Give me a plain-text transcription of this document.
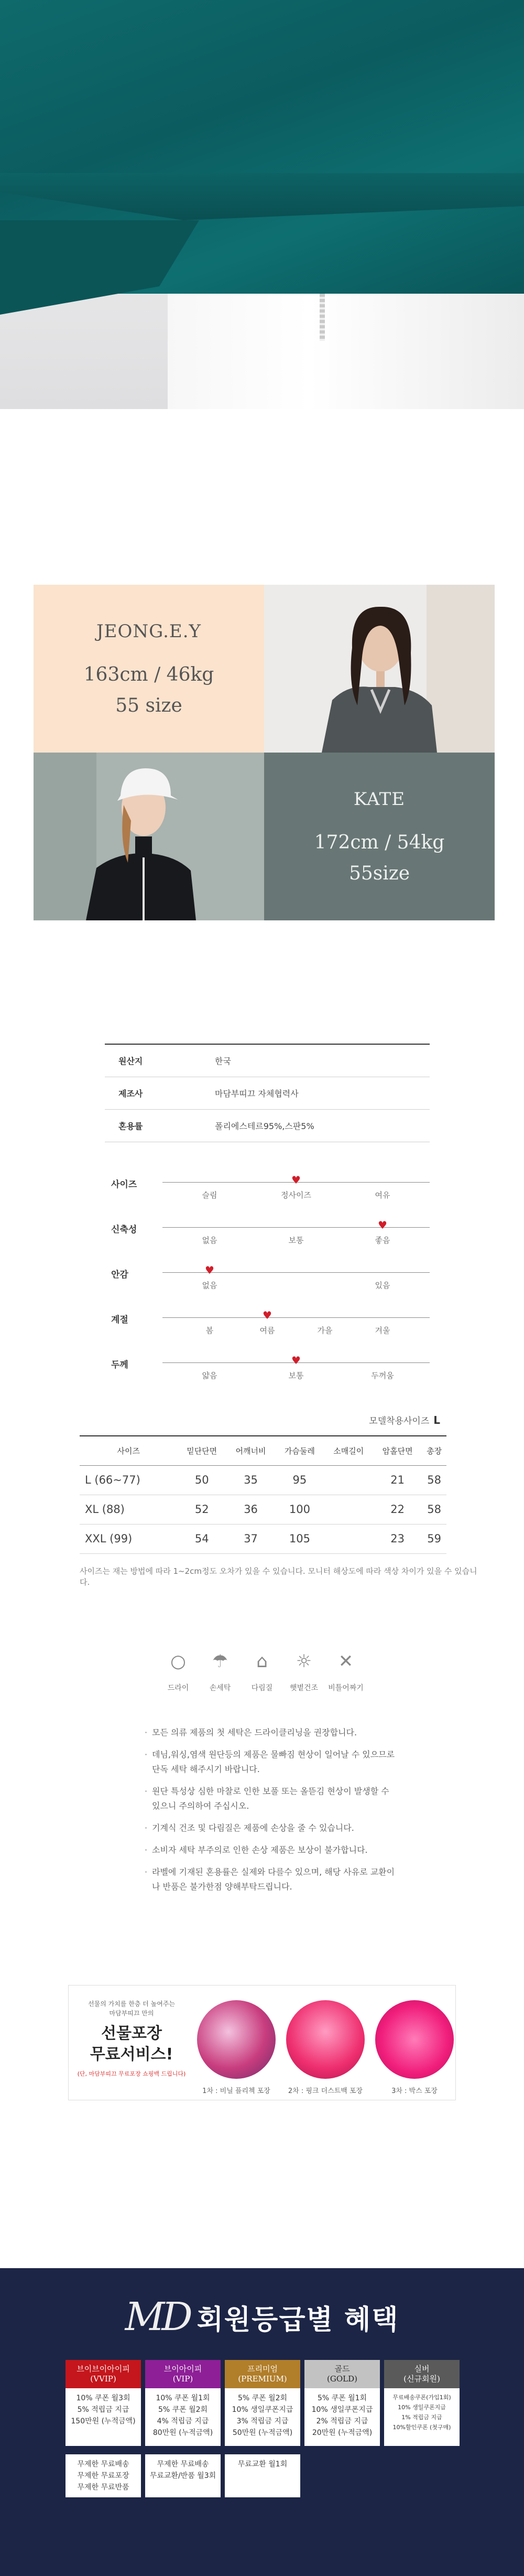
JEONG.E.Y
163cm / 46kg
55 size
KATE
172cm / 54kg
55size
원산지	한국
제조사	마담부띠끄 자체협력사
혼용률	폴리에스테르95%,스판5%
사이즈
슬림	정사이즈
♥
여유
신축성
없음	보통	좋음
♥
안감
없음
♥
있음
계절
봄	여름
♥
가을	겨울
두께
얇음	보통
♥
두꺼움
모델착용사이즈 L
사이즈	밑단단면	어깨너비	가슴둘레	소매길이	암홀단면	총장
L (66~77)	50	35	95		21	58
XL (88)	52	36	100		22	58
XXL (99)	54	37	105		23	59
사이즈는 재는 방법에 따라 1~2cm정도 오차가 있을 수 있습니다. 모니터 해상도에 따라 색상 차이가 있을 수 있습니다.
○
드라이
☂
손세탁
⌂
다림질
☼
햇볕건조
✕
비틀어짜기
· 모든 의류 제품의 첫 세탁은 드라이클리닝을 권장합니다.
· 데님,워싱,염색 원단등의 제품은 물빠짐 현상이 일어날 수 있으므로 단독 세탁 해주시기 바랍니다.
· 원단 특성상 심한 마찰로 인한 보풀 또는 올뜯김 현상이 발생할 수 있으니 주의하여 주십시오.
· 기계식 건조 및 다림질은 제품에 손상을 줄 수 있습니다.
· 소비자 세탁 부주의로 인한 손상 제품은 보상이 불가합니다.
· 라벨에 기재된 혼용률은 실제와 다를수 있으며, 해당 사유로 교환이나 반품은 불가한점 양해부탁드립니다.
선물의 가치를 한층 더 높여주는
마담부띠끄 만의
선물포장
무료서비스!
(단, 마담부띠끄 무료포장 쇼핑백 드립니다)
1차 : 비닐 플리첵 포장	2차 : 핑크 더스트백 포장	3차 : 박스 포장
MD 회원등급별 혜택
브이브이아이피
(VVIP)
10% 쿠폰 월3회
5% 적립금 지급
150만원 (누적금액)
브이아이피
(VIP)
10% 쿠폰 월1회
5% 쿠폰 월2회
4% 적립금 지급
80만원 (누적금액)
프리미엄
(PREMIUM)
5% 쿠폰 월2회
10% 생일쿠폰지급
3% 적립금 지급
50만원 (누적금액)
골드
(GOLD)
5% 쿠폰 월1회
10% 생일쿠폰지급
2% 적립금 지급
20만원 (누적금액)
실버
(신규회원)
무료배송쿠폰(가입1회)
10% 생일쿠폰지급
1% 적립금 지급
10%할인쿠폰 (첫구매)
무제한 무료배송
무제한 무료포장
무제한 무료반품
무제한 무료배송
무료교환/반품 월3회
무료교환 월1회
